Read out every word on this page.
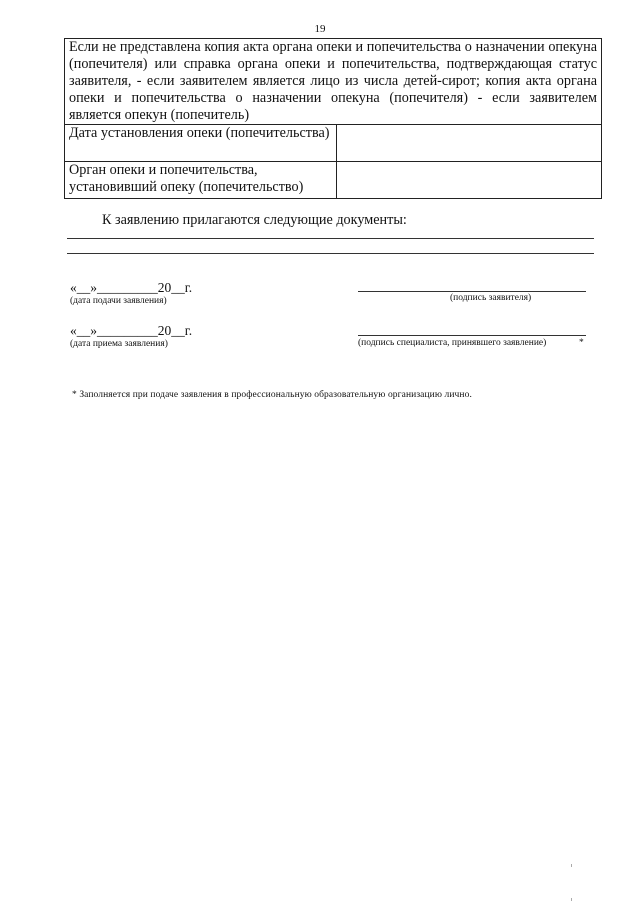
19
Если не представлена копия акта органа опеки и попечительства о назначении опекуна (попечителя) или справка органа опеки и попечительства, подтверждающая статус заявителя, - если заявителем является лицо из числа детей-сирот; копия акта органа опеки и попечительства о назначении опекуна (попечителя) - если заявителем является опекун (попечитель)	
Дата установления опеки (попечительства)	
Орган опеки и попечительства, установивший опеку (попечительство)	
К заявлению прилагаются следующие документы:
«__»_________20__г.
(дата подачи заявления)	(подпись заявителя)
«__»_________20__г.
(дата приема заявления)	(подпись специалиста, принявшего заявление)	*
* Заполняется при подаче заявления в профессиональную образовательную организацию лично.
